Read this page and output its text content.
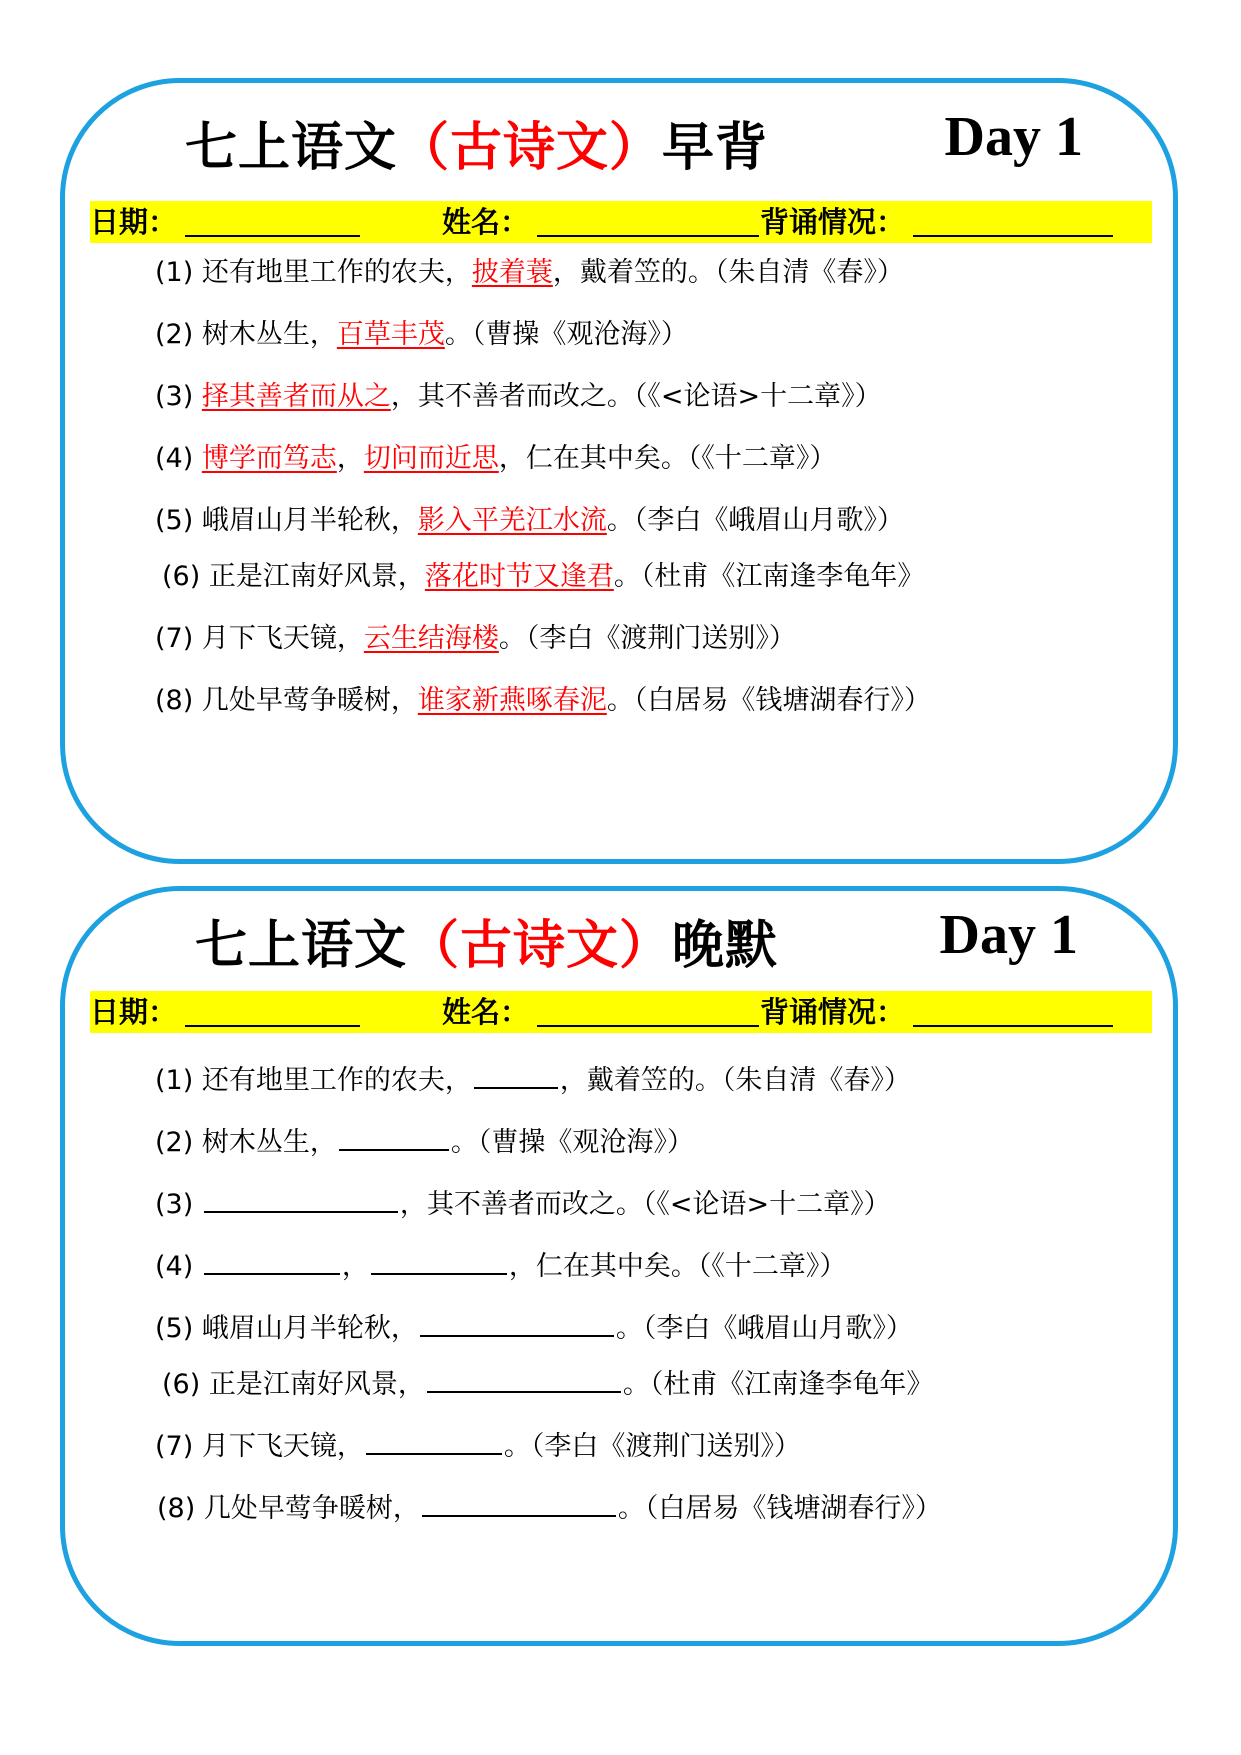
七上语文（古诗文）早背	Day 1
日期：	姓名：	背诵情况：
(1) 还有地里工作的农夫，披着蓑，戴着笠的。（朱自清《春》）
(2) 树木丛生，百草丰茂。（曹操《观沧海》）
(3) 择其善者而从之，其不善者而改之。（《<论语>十二章》）
(4) 博学而笃志，切问而近思，仁在其中矣。（《十二章》）
(5) 峨眉山月半轮秋，影入平羌江水流。（李白《峨眉山月歌》）
(6) 正是江南好风景，落花时节又逢君。（杜甫《江南逢李龟年》
(7) 月下飞天镜，云生结海楼。（李白《渡荆门送别》）
(8) 几处早莺争暖树，谁家新燕啄春泥。（白居易《钱塘湖春行》）
七上语文（古诗文）晚默	Day 1
日期：	姓名：	背诵情况：
(1) 还有地里工作的农夫，	，戴着笠的。（朱自清《春》）
(2) 树木丛生，	。（曹操《观沧海》）
(3)	，其不善者而改之。（《<论语>十二章》）
(4)	，	，仁在其中矣。（《十二章》）
(5) 峨眉山月半轮秋，	。（李白《峨眉山月歌》）
(6) 正是江南好风景，	。（杜甫《江南逢李龟年》
(7) 月下飞天镜，	。（李白《渡荆门送别》）
(8) 几处早莺争暖树，	。（白居易《钱塘湖春行》）
